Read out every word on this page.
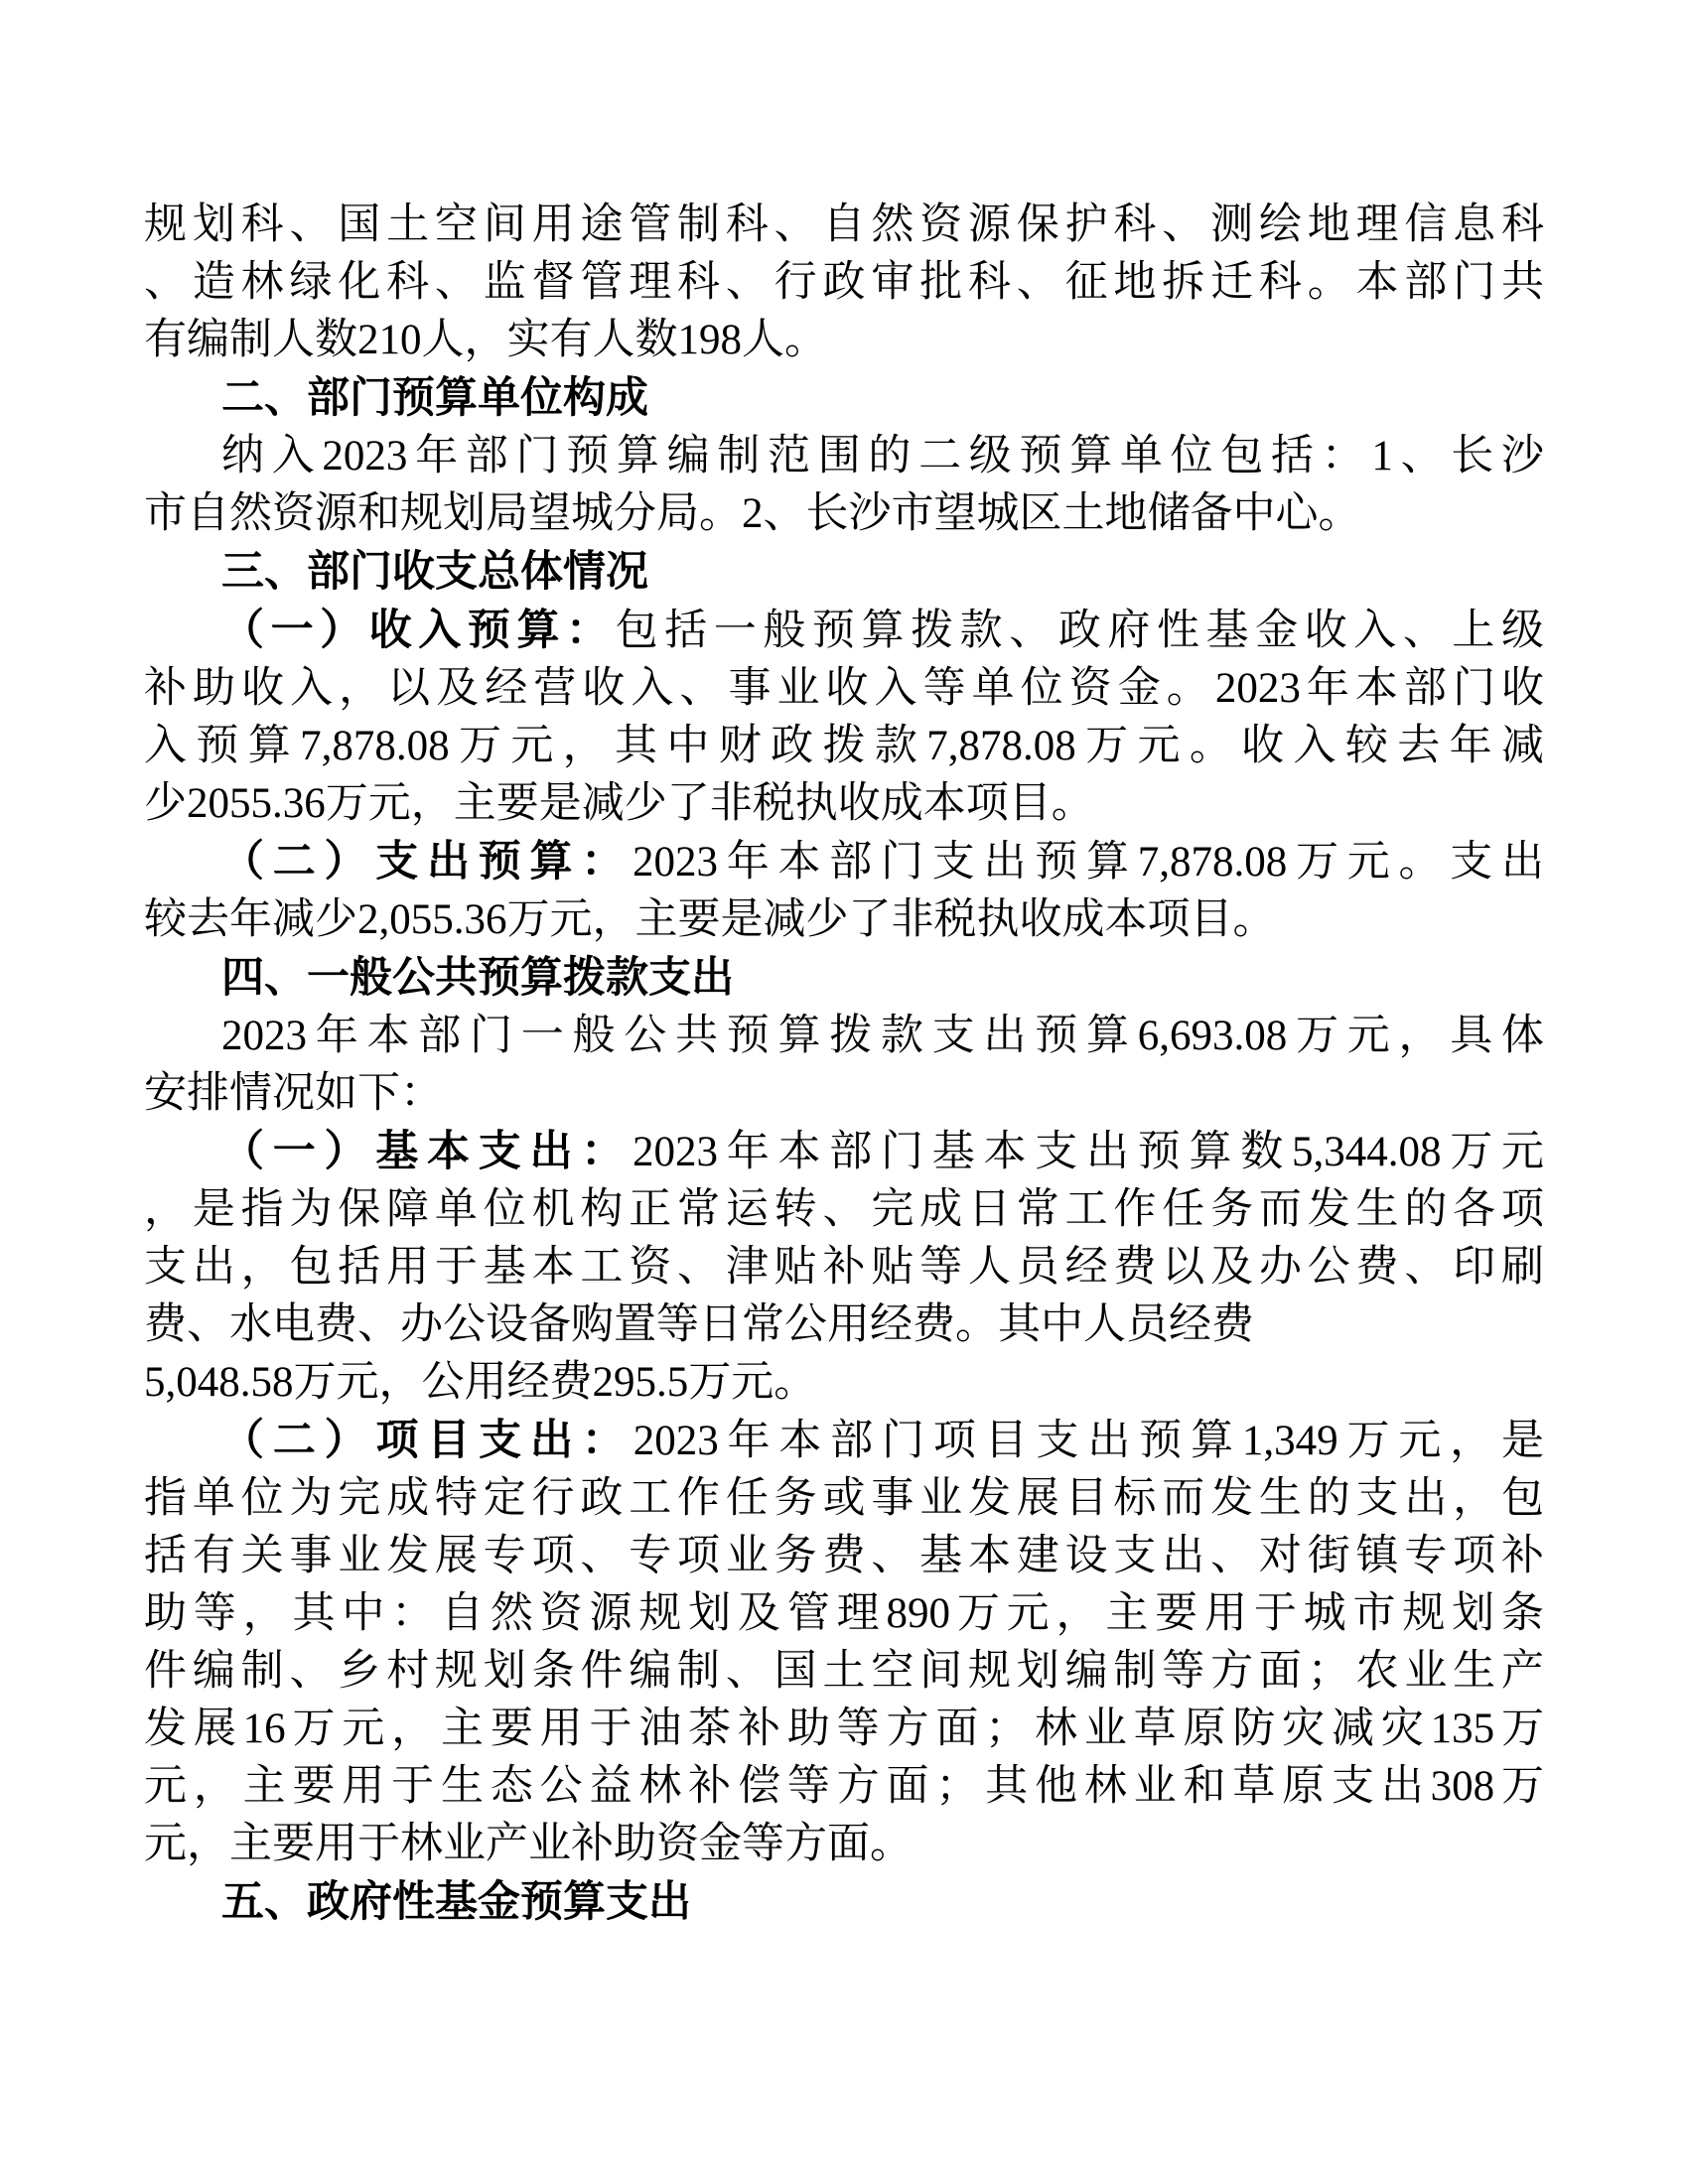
规划科、国土空间用途管制科、自然资源保护科、测绘地理信息科
、造林绿化科、监督管理科、行政审批科、征地拆迁科。本部门共
有编制人数210人，实有人数198人。
二、部门预算单位构成
纳入2023年部门预算编制范围的二级预算单位包括：1、长沙
市自然资源和规划局望城分局。2、长沙市望城区土地储备中心。
三、部门收支总体情况
（一）收入预算：包括一般预算拨款、政府性基金收入、上级
补助收入，以及经营收入、事业收入等单位资金。2023年本部门收
入预算7,878.08万元，其中财政拨款7,878.08万元。收入较去年减
少2055.36万元，主要是减少了非税执收成本项目。
（二）支出预算：2023年本部门支出预算7,878.08万元。支出
较去年减少2,055.36万元，主要是减少了非税执收成本项目。
四、一般公共预算拨款支出
2023年本部门一般公共预算拨款支出预算6,693.08万元，具体
安排情况如下：
（一）基本支出：2023年本部门基本支出预算数5,344.08万元
，是指为保障单位机构正常运转、完成日常工作任务而发生的各项
支出，包括用于基本工资、津贴补贴等人员经费以及办公费、印刷
费、水电费、办公设备购置等日常公用经费。其中人员经费
5,048.58万元，公用经费295.5万元。
（二）项目支出：2023年本部门项目支出预算1,349万元，是
指单位为完成特定行政工作任务或事业发展目标而发生的支出，包
括有关事业发展专项、专项业务费、基本建设支出、对街镇专项补
助等，其中：自然资源规划及管理890万元，主要用于城市规划条
件编制、乡村规划条件编制、国土空间规划编制等方面；农业生产
发展16万元，主要用于油茶补助等方面；林业草原防灾减灾135万
元，主要用于生态公益林补偿等方面；其他林业和草原支出308万
元，主要用于林业产业补助资金等方面。
五、政府性基金预算支出
